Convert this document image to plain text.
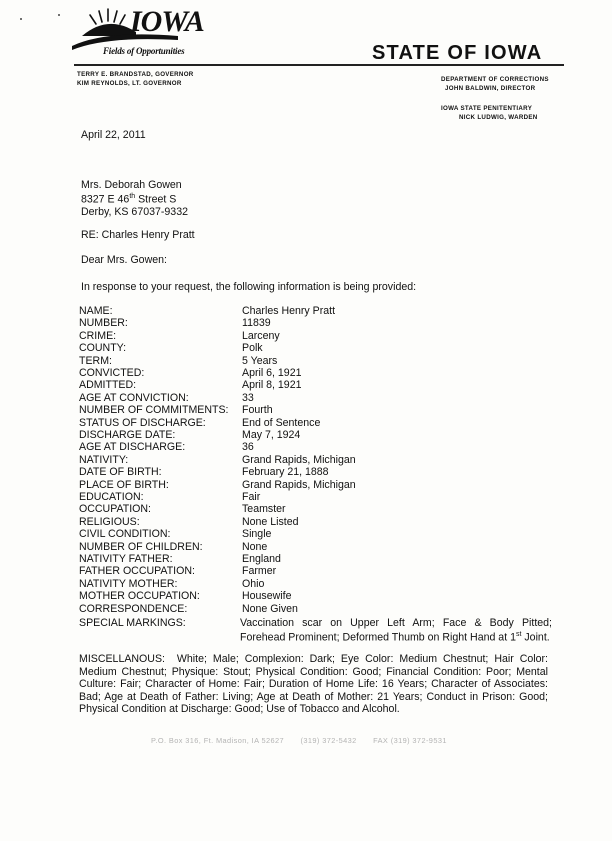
IOWA
Fields of Opportunities	STATE OF IOWA
TERRY E. BRANDSTAD, GOVERNOR
KIM REYNOLDS, LT. GOVERNOR
DEPARTMENT OF CORRECTIONS
JOHN BALDWIN, DIRECTOR
IOWA STATE PENITENTIARY
NICK LUDWIG, WARDEN
April 22, 2011
Mrs. Deborah Gowen
8327 E 46th Street S
Derby, KS 67037-9332
RE: Charles Henry Pratt
Dear Mrs. Gowen:
In response to your request, the following information is being provided:
NAME:	Charles Henry Pratt
NUMBER:	11839
CRIME:	Larceny
COUNTY:	Polk
TERM:	5 Years
CONVICTED:	April 6, 1921
ADMITTED:	April 8, 1921
AGE AT CONVICTION:	33
NUMBER OF COMMITMENTS: Fourth
STATUS OF DISCHARGE:	End of Sentence
DISCHARGE DATE:	May 7, 1924
AGE AT DISCHARGE:	36
NATIVITY:	Grand Rapids, Michigan
DATE OF BIRTH:	February 21, 1888
PLACE OF BIRTH:	Grand Rapids, Michigan
EDUCATION:	Fair
OCCUPATION:	Teamster
RELIGIOUS:	None Listed
CIVIL CONDITION:	Single
NUMBER OF CHILDREN:	None
NATIVITY FATHER:	England
FATHER OCCUPATION:	Farmer
NATIVITY MOTHER:	Ohio
MOTHER OCCUPATION:	Housewife
CORRESPONDENCE:	None Given
SPECIAL MARKINGS:	Vaccination scar on Upper Left Arm; Face & Body Pitted; Forehead Prominent; Deformed Thumb on Right Hand at 1st Joint.
MISCELLANOUS: White; Male; Complexion: Dark; Eye Color: Medium Chestnut; Hair Color: Medium Chestnut; Physique: Stout; Physical Condition: Good; Financial Condition: Poor; Mental Culture: Fair; Character of Home: Fair; Duration of Home Life: 16 Years; Character of Associates: Bad; Age at Death of Father: Living; Age at Death of Mother: 21 Years; Conduct in Prison: Good; Physical Condition at Discharge: Good; Use of Tobacco and Alcohol.
P.O. Box 316, Ft. Madison, IA 52627 (319) 372-5432 FAX (319) 372-9531
